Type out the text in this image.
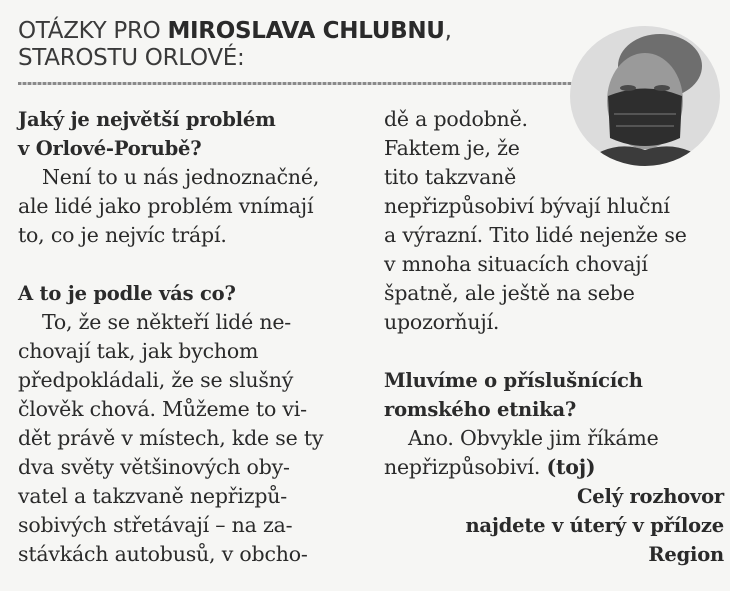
OTÁZKY PRO MIROSLAVA CHLUBNU,
STAROSTU ORLOVÉ:

Jaký je největší problém
v Orlové-Porubě?

Není to u nás jednoznačné,

ale lidé jako problém vnímají

to, co je nejvíc trápí.

A to je podle vás co?

To, že se někteří lidé ne-

chovají tak, jak bychom

předpokládali, že se slušný

člověk chová. Můžeme to vi-

dět právě v místech, kde se ty

dva světy většinových oby-

vatel a takzvaně nepřizpů-

sobivých střetávají – na za-

stávkách autobusů, v obcho-

dě a podobně.

Faktem je, že

tito takzvaně

nepřizpůsobiví bývají hluční

a výrazní. Tito lidé nejenže se

v mnoha situacích chovají

špatně, ale ještě na sebe

upozorňují.

Mluvíme o příslušnících
romského etnika?

Ano. Obvykle jim říkáme

nepřizpůsobiví. (toj)

Celý rozhovor
najdete v úterý v příloze
Region
